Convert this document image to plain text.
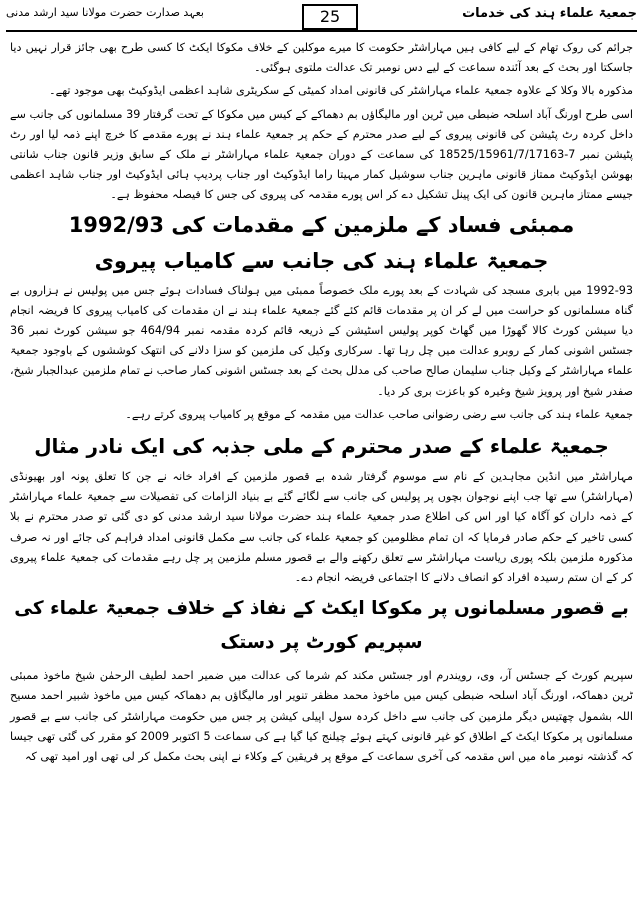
بعہد صدارت حضرت مولانا سید ارشد مدنی	25	جمعیۃ علماء ہند کی خدمات

جرائم کی روک تھام کے لیے کافی ہیں مہاراشٹر حکومت کا میرے موکلین کے خلاف مکوکا ایکٹ کا کسی طرح بھی جائز قرار نہیں دیا جاسکتا اور بحث کے بعد آئندہ سماعت کے لیے دس نومبر تک عدالت ملتوی ہوگئی۔

مذکورہ بالا وکلا کے علاوہ جمعیۃ علماء مہاراشٹر کی قانونی امداد کمیٹی کے سکریٹری شاہد اعظمی ایڈوکیٹ بھی موجود تھے۔

اسی طرح اورنگ آباد اسلحہ ضبطی میں ٹرین اور مالیگاؤں بم دھماکے کے کیس میں مکوکا کے تحت گرفتار 39 مسلمانوں کی جانب سے داخل کردہ رٹ پٹیشن کی قانونی پیروی کے لیے صدر محترم کے حکم پر جمعیۃ علماء ہند نے پورے مقدمے کا خرچ اپنے ذمہ لیا اور رٹ پٹیشن نمبر 7-18525/15961/7/17163 کی سماعت کے دوران جمعیۃ علماء مہاراشٹر نے ملک کے سابق وزیر قانون جناب شانتی بھوشن ایڈوکیٹ ممتاز قانونی ماہرین جناب سوشیل کمار مہیتا راما ایڈوکیٹ اور جناب پردیپ ہائی ایڈوکیٹ اور جناب شاہد اعظمی جیسے ممتاز ماہرین قانون کی ایک پینل تشکیل دے کر اس پورے مقدمہ کی پیروی کی جس کا فیصلہ محفوظ ہے۔

ممبئی فساد کے ملزمین کے مقدمات کی 1992/93
جمعیۃ علماء ہند کی جانب سے کامیاب پیروی

1992-93 میں بابری مسجد کی شہادت کے بعد پورے ملک خصوصاً ممبئی میں ہولناک فسادات ہوئے جس میں پولیس نے ہزاروں بے گناہ مسلمانوں کو حراست میں لے کر ان پر مقدمات قائم کئے گئے جمعیۃ علماء ہند نے ان مقدمات کی کامیاب پیروی کا فریضہ انجام دیا سیشن کورٹ کالا گھوڑا میں گھاٹ کوپر پولیس اسٹیشن کے ذریعہ قائم کردہ مقدمہ نمبر 464/94 جو سیشن کورٹ نمبر 36 جسٹس اشونی کمار کے روبرو عدالت میں چل رہا تھا۔ سرکاری وکیل کی ملزمین کو سزا دلانے کی انتھک کوششوں کے باوجود جمعیۃ علماء مہاراشٹر کے وکیل جناب سلیمان صالح صاحب کی مدلل بحث کے بعد جسٹس اشونی کمار صاحب نے تمام ملزمین عبدالجبار شیخ، صفدر شیخ اور پرویز شیخ وغیرہ کو باعزت بری کر دیا۔

جمعیۃ علماء ہند کی جانب سے رضی رضوانی صاحب عدالت میں مقدمہ کے موقع پر کامیاب پیروی کرتے رہے۔

جمعیۃ علماء کے صدر محترم کے ملی جذبہ کی ایک نادر مثال

مہاراشٹر میں انڈین مجاہدین کے نام سے موسوم گرفتار شدہ بے قصور ملزمین کے افراد خانہ نے جن کا تعلق پونہ اور بھیونڈی (مہاراشٹر) سے تھا جب اپنے نوجوان بچوں پر پولیس کی جانب سے لگائے گئے بے بنیاد الزامات کی تفصیلات سے جمعیۃ علماء مہاراشٹر کے ذمہ داران کو آگاہ کیا اور اس کی اطلاع صدر جمعیۃ علماء ہند حضرت مولانا سید ارشد مدنی کو دی گئی تو صدر محترم نے بلا کسی تاخیر کے حکم صادر فرمایا کہ ان تمام مظلومین کو جمعیۃ علماء کی جانب سے مکمل قانونی امداد فراہم کی جائے اور نہ صرف مذکورہ ملزمین بلکہ پوری ریاست مہاراشٹر سے تعلق رکھنے والے بے قصور مسلم ملزمین پر چل رہے مقدمات کی جمعیۃ علماء پیروی کر کے ان ستم رسیدہ افراد کو انصاف دلانے کا اجتماعی فریضہ انجام دے۔

بے قصور مسلمانوں پر مکوکا ایکٹ کے نفاذ کے خلاف جمعیۃ علماء کی سپریم کورٹ پر دستک

سپریم کورٹ کے جسٹس آر، وی، رویندرم اور جسٹس مکند کم شرما کی عدالت میں ضمیر احمد لطیف الرحمٰن شیخ ماخوذ ممبئی ٹرین دھماکہ، اورنگ آباد اسلحہ ضبطی کیس میں ماخوذ محمد مظفر تنویر اور مالیگاؤں بم دھماکہ کیس میں ماخوذ شبیر احمد مسیح اللہ بشمول چھتیس دیگر ملزمین کی جانب سے داخل کردہ سول اپیلی کیشن پر جس میں حکومت مہاراشٹر کی جانب سے بے قصور مسلمانوں پر مکوکا ایکٹ کے اطلاق کو غیر قانونی کہتے ہوئے چیلنج کیا گیا ہے کی سماعت 5 اکتوبر 2009 کو مقرر کی گئی تھی جیسا کہ گذشتہ نومبر ماہ میں اس مقدمہ کی آخری سماعت کے موقع پر فریقین کے وکلاء نے اپنی بحث مکمل کر لی تھی اور امید تھی کہ
